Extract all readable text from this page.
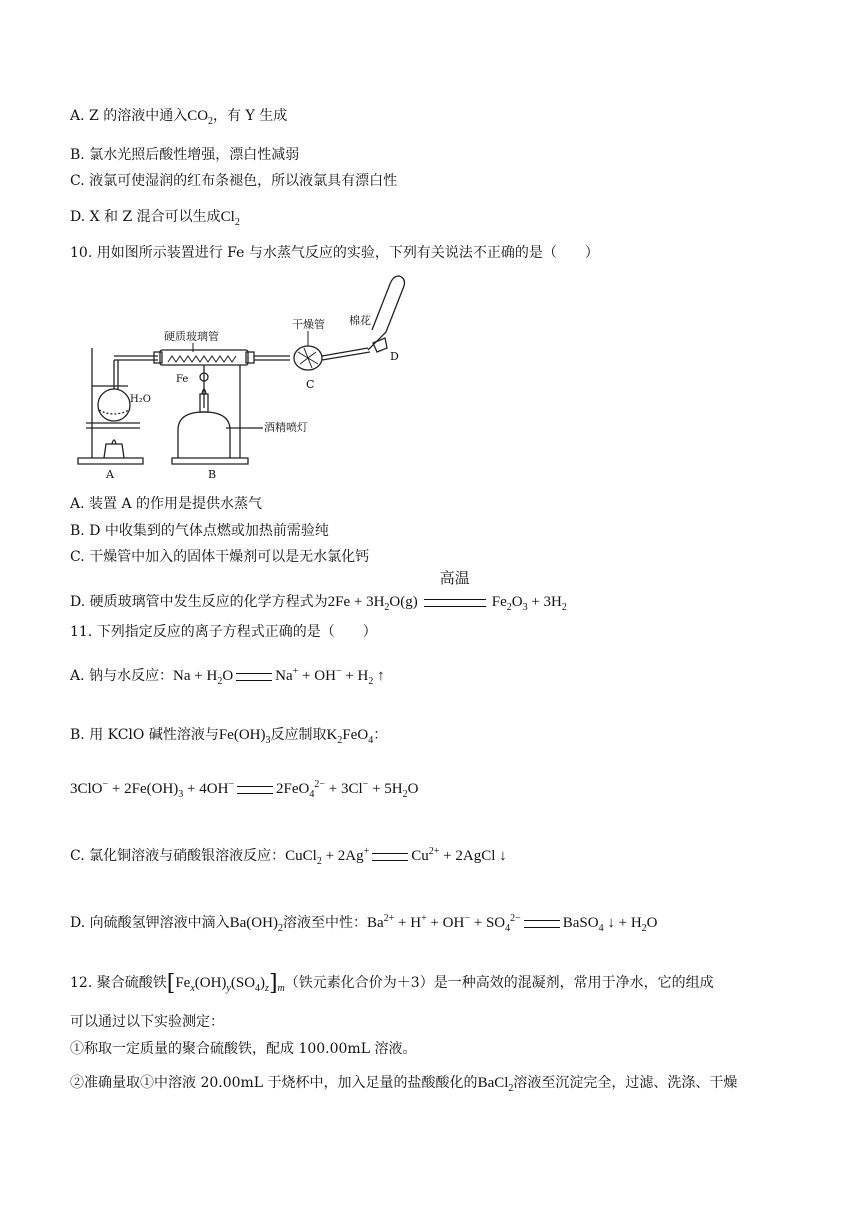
A. Z 的溶液中通入$CO_2$，有 Y 生成
B. 氯水光照后酸性增强，漂白性减弱
C. 液氯可使湿润的红布条褪色，所以液氯具有漂白性
D. X 和 Z 混合可以生成$Cl_2$
10. 用如图所示装置进行 Fe 与水蒸气反应的实验，下列有关说法不正确的是（　　）
硬质玻璃管
干燥管 棉花
Fe
H₂O
酒精喷灯
A	B
C
D
A. 装置 A 的作用是提供水蒸气
B. D 中收集到的气体点燃或加热前需验纯
C. 干燥管中加入的固体干燥剂可以是无水氯化钙
D. 硬质玻璃管中发生反应的化学方程式为$2Fe + 3H_2O(g)$
高温
$Fe_2O_3 + 3H_2$
11. 下列指定反应的离子方程式正确的是（　　）
A. 钠与水反应：$Na + H_2O$	$Na^+ + OH^- + H_2$ ↑
B. 用 KClO 碱性溶液与$Fe(OH)_3$反应制取$K_2FeO_4$：
$3ClO^- + 2Fe(OH)_3 + 4OH^-$	$2FeO_4^{2-} + 3Cl^- + 5H_2O$
C. 氯化铜溶液与硝酸银溶液反应：CuCl$_2$ + 2Ag+	$Cu^{2+}$ + 2AgCl ↓
D. 向硫酸氢钾溶液中滴入$Ba(OH)_2$溶液至中性：$Ba^{2+} + H^+ + OH^- + SO_4^{2-}$	BaSO$_4$ ↓ + $H_2O$
12. 聚合硫酸铁$[Fe_x(OH)_y(SO_4)_z]_m$（铁元素化合价为＋3）是一种高效的混凝剂，常用于净水，它的组成
可以通过以下实验测定：
①称取一定质量的聚合硫酸铁，配成 100.00mL 溶液。
②准确量取①中溶液 20.00mL 于烧杯中，加入足量的盐酸酸化的BaCl$_2$溶液至沉淀完全，过滤、洗涤、干燥
